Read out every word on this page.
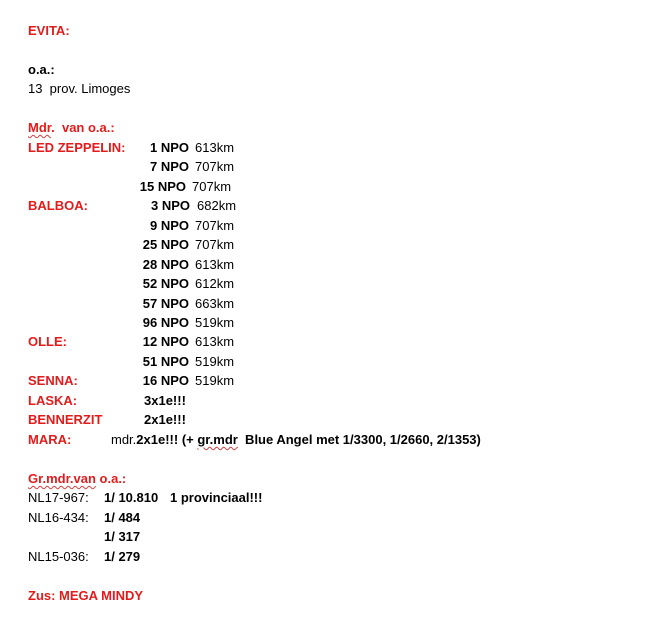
EVITA:
o.a.:
13  prov. Limoges
Mdr.  van o.a.:
LED ZEPPELIN:	1 NPO 613km
7 NPO 707km
15 NPO 707km
BALBOA:	3 NPO 682km
9 NPO 707km
25 NPO 707km
28 NPO 613km
52 NPO 612km
57 NPO 663km
96 NPO 519km
OLLE:	12 NPO 613km
51 NPO 519km
SENNA:	16 NPO 519km
LASKA:	3x1e!!!
BENNERZIT	2x1e!!!
MARA:	mdr.2x1e!!! (+ gr.mdr  Blue Angel met 1/3300, 1/2660, 2/1353)
Gr.mdr.van o.a.:
NL17-967: 1/ 10.810 1 provinciaal!!!
NL16-434: 1/ 484
1/ 317
NL15-036: 1/ 279
Zus: MEGA MINDY
